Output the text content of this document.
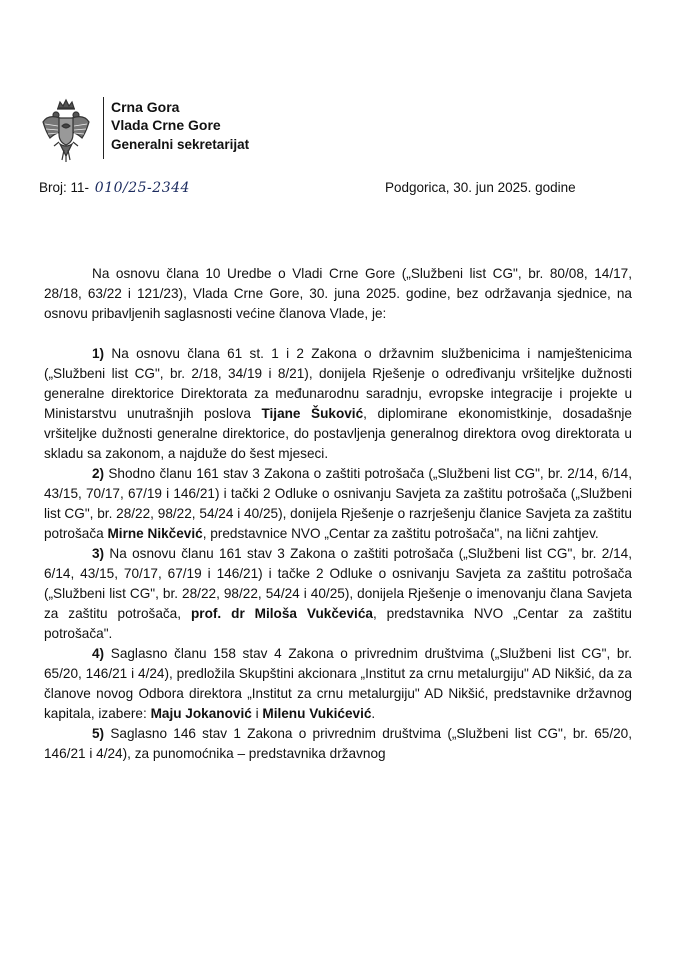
Crna Gora
Vlada Crne Gore
Generalni sekretarijat
Broj: 11- 010/25-2344	Podgorica, 30. jun 2025. godine

Na osnovu člana 10 Uredbe o Vladi Crne Gore („Službeni list CG", br. 80/08, 14/17, 28/18, 63/22 i 121/23), Vlada Crne Gore, 30. juna 2025. godine, bez održavanja sjednice, na osnovu pribavljenih saglasnosti većine članova Vlade, je:

1) Na osnovu člana 61 st. 1 i 2 Zakona o državnim službenicima i namještenicima („Službeni list CG", br. 2/18, 34/19 i 8/21), donijela Rješenje o određivanju vršiteljke dužnosti generalne direktorice Direktorata za međunarodnu saradnju, evropske integracije i projekte u Ministarstvu unutrašnjih poslova Tijane Šuković, diplomirane ekonomistkinje, dosadašnje vršiteljke dužnosti generalne direktorice, do postavljenja generalnog direktora ovog direktorata u skladu sa zakonom, a najduže do šest mjeseci.

2) Shodno članu 161 stav 3 Zakona o zaštiti potrošača („Službeni list CG", br. 2/14, 6/14, 43/15, 70/17, 67/19 i 146/21) i tački 2 Odluke o osnivanju Savjeta za zaštitu potrošača („Službeni list CG", br. 28/22, 98/22, 54/24 i 40/25), donijela Rješenje o razrješenju članice Savjeta za zaštitu potrošača Mirne Nikčević, predstavnice NVO „Centar za zaštitu potrošača", na lični zahtjev.

3) Na osnovu članu 161 stav 3 Zakona o zaštiti potrošača („Službeni list CG", br. 2/14, 6/14, 43/15, 70/17, 67/19 i 146/21) i tačke 2 Odluke o osnivanju Savjeta za zaštitu potrošača („Službeni list CG", br. 28/22, 98/22, 54/24 i 40/25), donijela Rješenje o imenovanju člana Savjeta za zaštitu potrošača, prof. dr Miloša Vukčevića, predstavnika NVO „Centar za zaštitu potrošača".

4) Saglasno članu 158 stav 4 Zakona o privrednim društvima („Službeni list CG", br. 65/20, 146/21 i 4/24), predložila Skupštini akcionara „Institut za crnu metalurgiju" AD Nikšić, da za članove novog Odbora direktora „Institut za crnu metalurgiju" AD Nikšić, predstavnike državnog kapitala, izabere: Maju Jokanović i Milenu Vukićević.

5) Saglasno 146 stav 1 Zakona o privrednim društvima („Službeni list CG", br. 65/20, 146/21 i 4/24), za punomoćnika – predstavnika državnog
